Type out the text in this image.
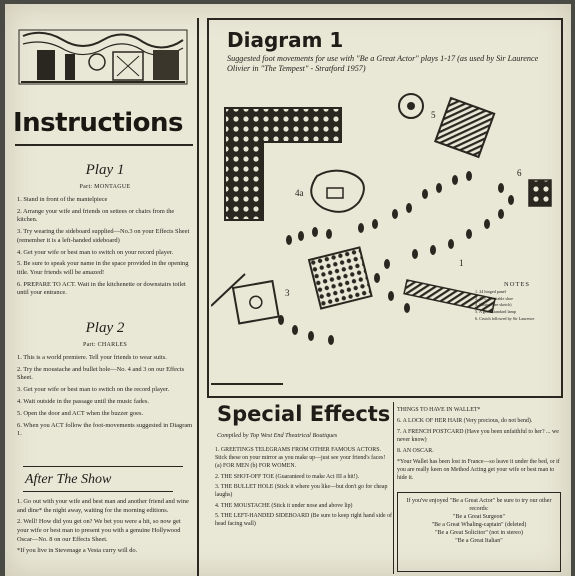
Instructions
Play 1
Part: MONTAGUE

1. Stand in front of the mantelpiece

2. Arrange your wife and friends on settees or chairs from the kitchen.

3. Try wearing the sideboard supplied—No.3 on your Effects Sheet (remember it is a left-handed sideboard)

4. Get your wife or best man to switch on your record player.

5. Be sure to speak your name in the space provided in the opening title. Your friends will be amazed!

6. PREPARE TO ACT. Wait in the kitchenette or downstairs toilet until your entrance.

Play 2
Part: CHARLES

1. This is a world premiere. Tell your friends to wear suits.

2. Try the moustache and bullet hole—No. 4 and 3 on our Effects Sheet.

3. Get your wife or best man to switch on the record player.

4. Wait outside in the passage until the music fades.

5. Open the door and ACT when the buzzer goes.

6. When you ACT follow the foot-movements suggested in Diagram 1.

After The Show

1. Go out with your wife and best man and another friend and wine and dine* the night away, waiting for the morning editions.

2. Well! How did you get on? We bet you were a hit, so now get your wife or best man to present you with a genuine Hollywood Oscar—No. 8 on our Effects Sheet.

*If you live in Stevenage a Vesta curry will do.

Diagram 1
Suggested foot movements for use with "Be a Great Actor" plays 1-17 (as used by Sir Laurence Olivier in "The Tempest" - Stratford 1957)
5
4a
6
3
1
NOTES

1. 24 hinged panel

2. & 3. A suitable shoe

4. Chaise (see sketch)

5. A good standard lamp

6. Crutch followed by Sir Laurence

Special Effects
Compiled by Top West End Theatrical Boutiques

1. GREETINGS TELEGRAMS FROM OTHER FAMOUS ACTORS. Stick these on your mirror as you make up—just see your friend's faces! (a) FOR MEN (b) FOR WOMEN.

2. THE SHOT-OFF TOE (Guaranteed to make Act III a hit!).

3. THE BULLET HOLE (Stick it where you like—but don't go for cheap laughs)

4. THE MOUSTACHE (Stick it under nose and above lip)

5. THE LEFT-HANDED SIDEBOARD (Be sure to keep right hand side of head facing wall)

THINGS TO HAVE IN WALLET*

6. A LOCK OF HER HAIR (Very precious, do not bend).

7. A FRENCH POSTCARD (Have you been unfaithful to her? ... we never know)

8. AN OSCAR.

*Your Wallet has been lost in France—so leave it under the bed, or if you are really keen on Method Acting get your wife or best man to hide it.

If you've enjoyed "Be a Great Actor" be sure to try our other records:

"Be a Great Surgeon"

"Be a Great Whaling-captain" (deleted)

"Be a Great Solicitor" (not in stereo)

"Be a Great Italian"
